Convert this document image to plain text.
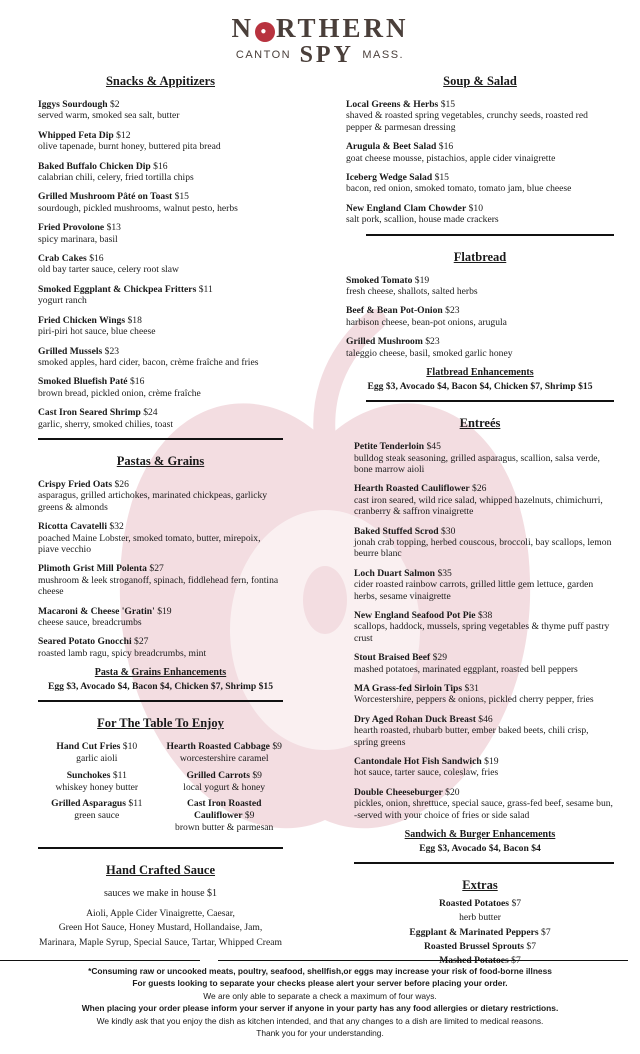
N ● RTHERN
$^{CANTON}$ SPY $^{MASS.}$
Snacks & Appitizers
Iggys Sourdough $2
served warm, smoked sea salt, butter
Whipped Feta Dip $12
olive tapenade, burnt honey, buttered pita bread
Baked Buffalo Chicken Dip $16
calabrian chili, celery, fried tortilla chips
Grilled Mushroom Pâté on Toast $15
sourdough, pickled mushrooms, walnut pesto, herbs
Fried Provolone $13
spicy marinara, basil
Crab Cakes $16
old bay tarter sauce, celery root slaw
Smoked Eggplant & Chickpea Fritters $11
yogurt ranch
Fried Chicken Wings $18
piri-piri hot sauce, blue cheese
Grilled Mussels $23
smoked apples, hard cider, bacon, crème fraîche and fries
Smoked Bluefish Paté $16
brown bread, pickled onion, crème fraîche
Cast Iron Seared Shrimp $24
garlic, sherry, smoked chilies, toast
Pastas & Grains
Crispy Fried Oats $26
asparagus, grilled artichokes, marinated chickpeas, garlicky greens & almonds
Ricotta Cavatelli $32
poached Maine Lobster, smoked tomato, butter, mirepoix, piave vecchio
Plimoth Grist Mill Polenta $27
mushroom & leek stroganoff, spinach, fiddlehead fern, fontina cheese
Macaroni & Cheese 'Gratin' $19
cheese sauce, breadcrumbs
Seared Potato Gnocchi $27
roasted lamb ragu, spicy breadcrumbs, mint
Pasta & Grains Enhancements
Egg $3, Avocado $4, Bacon $4, Chicken $7, Shrimp $15
For The Table To Enjoy
Hand Cut Fries $10
garlic aioli
Sunchokes $11
whiskey honey butter
Grilled Asparagus $11
green sauce
Hearth Roasted Cabbage $9
worcestershire caramel
Grilled Carrots $9
local yogurt & honey
Cast Iron Roasted Cauliflower $9
brown butter & parmesan
Hand Crafted Sauce
sauces we make in house $1
Aioli, Apple Cider Vinaigrette, Caesar,
Green Hot Sauce, Honey Mustard, Hollandaise, Jam,
Marinara, Maple Syrup, Special Sauce, Tartar, Whipped Cream
Soup & Salad
Local Greens & Herbs $15
shaved & roasted spring vegetables, crunchy seeds, roasted red pepper & parmesan dressing
Arugula & Beet Salad $16
goat cheese mousse, pistachios, apple cider vinaigrette
Iceberg Wedge Salad $15
bacon, red onion, smoked tomato, tomato jam, blue cheese
New England Clam Chowder $10
salt pork, scallion, house made crackers
Flatbread
Smoked Tomato $19
fresh cheese, shallots, salted herbs
Beef & Bean Pot-Onion $23
harbison cheese, bean-pot onions, arugula
Grilled Mushroom $23
taleggio cheese, basil, smoked garlic honey
Flatbread Enhancements
Egg $3, Avocado $4, Bacon $4, Chicken $7, Shrimp $15
Entreés
Petite Tenderloin $45
bulldog steak seasoning, grilled asparagus, scallion, salsa verde, bone marrow aioli
Hearth Roasted Cauliflower $26
cast iron seared, wild rice salad, whipped hazelnuts, chimichurri, cranberry & saffron vinaigrette
Baked Stuffed Scrod $30
jonah crab topping, herbed couscous, broccoli, bay scallops, lemon beurre blanc
Loch Duart Salmon $35
cider roasted rainbow carrots, grilled little gem lettuce, garden herbs, sesame vinaigrette
New England Seafood Pot Pie $38
scallops, haddock, mussels, spring vegetables & thyme puff pastry crust
Stout Braised Beef $29
mashed potatoes, marinated eggplant, roasted bell peppers
MA Grass-fed Sirloin Tips $31
Worcestershire, peppers & onions, pickled cherry pepper, fries
Dry Aged Rohan Duck Breast $46
hearth roasted, rhubarb butter, ember baked beets, chili crisp, spring greens
Cantondale Hot Fish Sandwich $19
hot sauce, tarter sauce, coleslaw, fries
Double Cheeseburger $20
pickles, onion, shrettuce, special sauce, grass-fed beef, sesame bun,
-served with your choice of fries or side salad
Sandwich & Burger Enhancements
Egg $3, Avocado $4, Bacon $4
Extras
Roasted Potatoes $7
herb butter
Eggplant & Marinated Peppers $7
Roasted Brussel Sprouts $7
Mashed Potatoes $7
*Consuming raw or uncooked meats, poultry, seafood, shellfish,or eggs may increase your risk of food-borne illness
For guests looking to separate your checks please alert your server before placing your order.
We are only able to separate a check a maximum of four ways.
When placing your order please inform your server if anyone in your party has any food allergies or dietary restrictions.
We kindly ask that you enjoy the dish as kitchen intended, and that any changes to a dish are limited to medical reasons.
Thank you for your understanding.
